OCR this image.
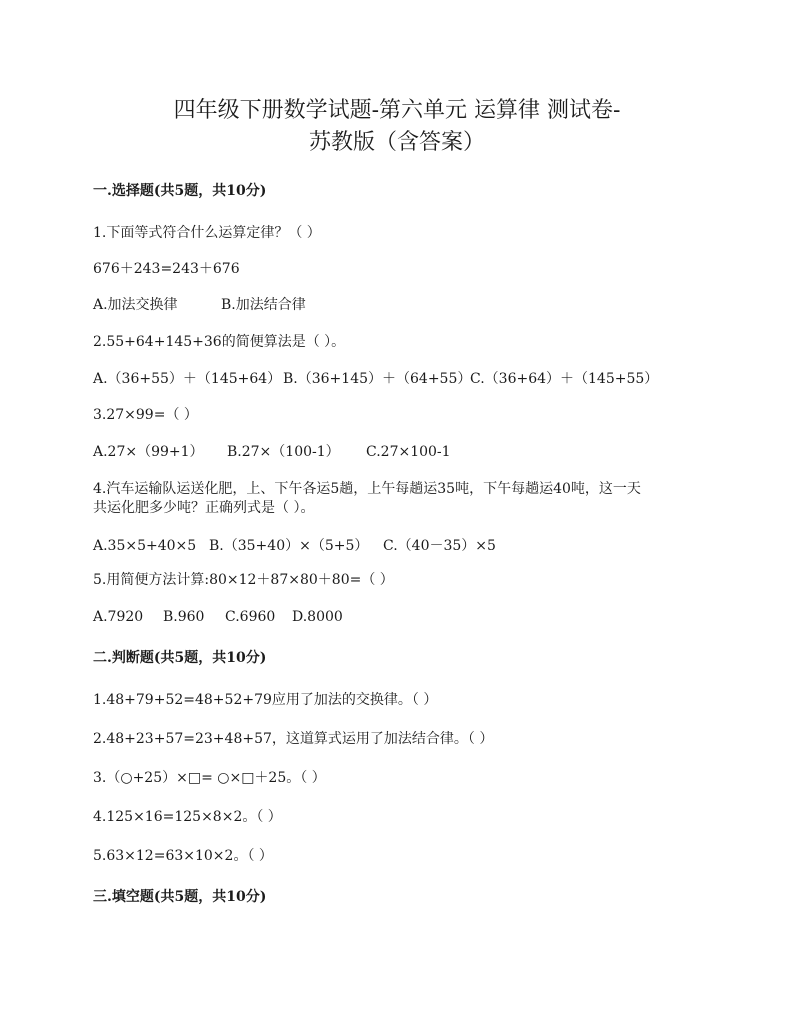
四年级下册数学试题-第六单元 运算律 测试卷-
苏教版（含答案）
一.选择题(共5题，共10分)
1.下面等式符合什么运算定律？（ ）
676＋243=243＋676
A.加法交换律	B.加法结合律
2.55+64+145+36的简便算法是（ ）。
A.（36+55）＋（145+64） B.（36+145）＋（64+55）
C.（36+64）＋（145+55）
3.27×99=（ ）
A.27×（99+1） B.27×（100-1） C.27×100-1
4.汽车运输队运送化肥，上、下午各运5趟，上午每趟运35吨，下午每趟运40吨，这一天
共运化肥多少吨？正确列式是（ ）。
A.35×5+40×5 B.（35+40）×（5+5） C.（40－35）×5
5.用简便方法计算:80×12＋87×80＋80=（ ）
A.7920 B.960 C.6960 D.8000
二.判断题(共5题，共10分)
1.48+79+52=48+52+79应用了加法的交换律。（ ）
2.48+23+57=23+48+57，这道算式运用了加法结合律。（ ）
3.（○+25）×□= ○×□＋25。（ ）
4.125×16=125×8×2。（ ）
5.63×12=63×10×2。（ ）
三.填空题(共5题，共10分)
